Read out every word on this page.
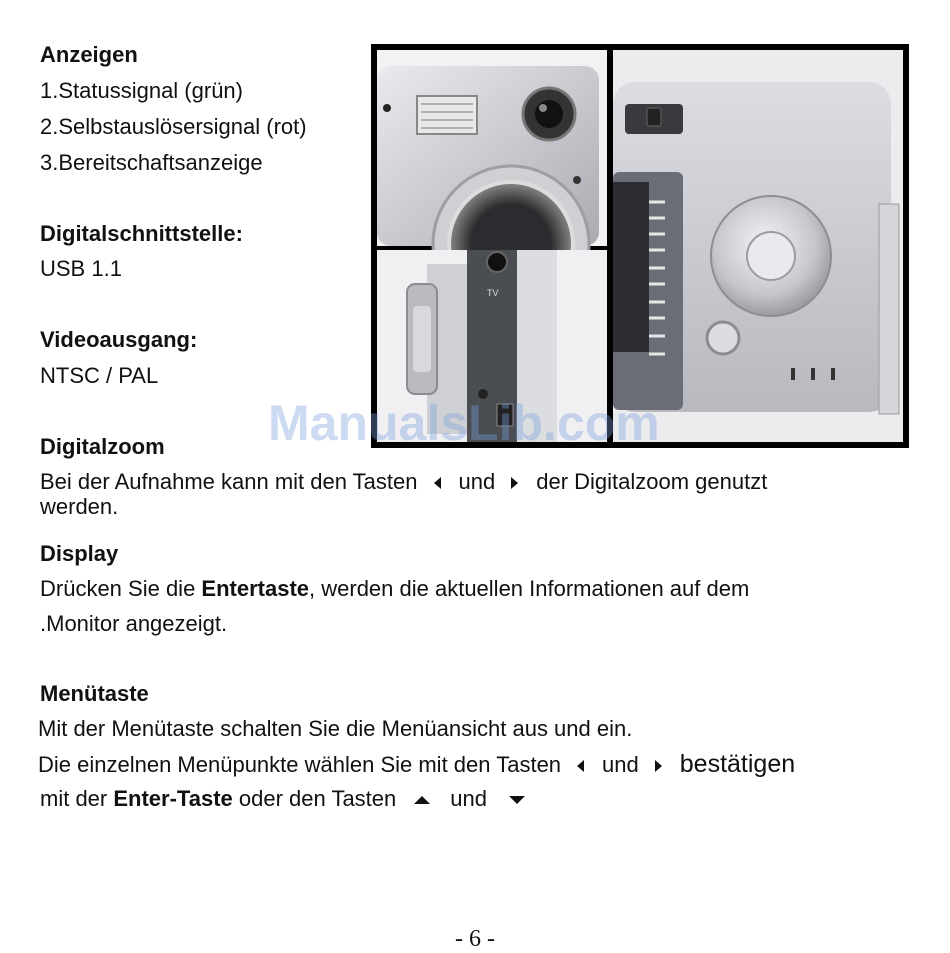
Anzeigen
1.Statussignal (grün)
2.Selbstauslösersignal (rot)
3.Bereitschaftsanzeige
Digitalschnittstelle:
USB 1.1
Videoausgang:
NTSC / PAL
TV
ManualsLib.com
Digitalzoom
Bei der Aufnahme kann mit den Tasten und der Digitalzoom genutzt
werden.
Display
Drücken Sie die Entertaste, werden die aktuellen Informationen auf dem
.Monitor angezeigt.
Menütaste
Mit der Menütaste schalten Sie die Menüansicht aus und ein.
Die einzelnen Menüpunkte wählen Sie mit den Tasten und bestätigen
mit der Enter-Taste oder den Tasten und
- 6 -
